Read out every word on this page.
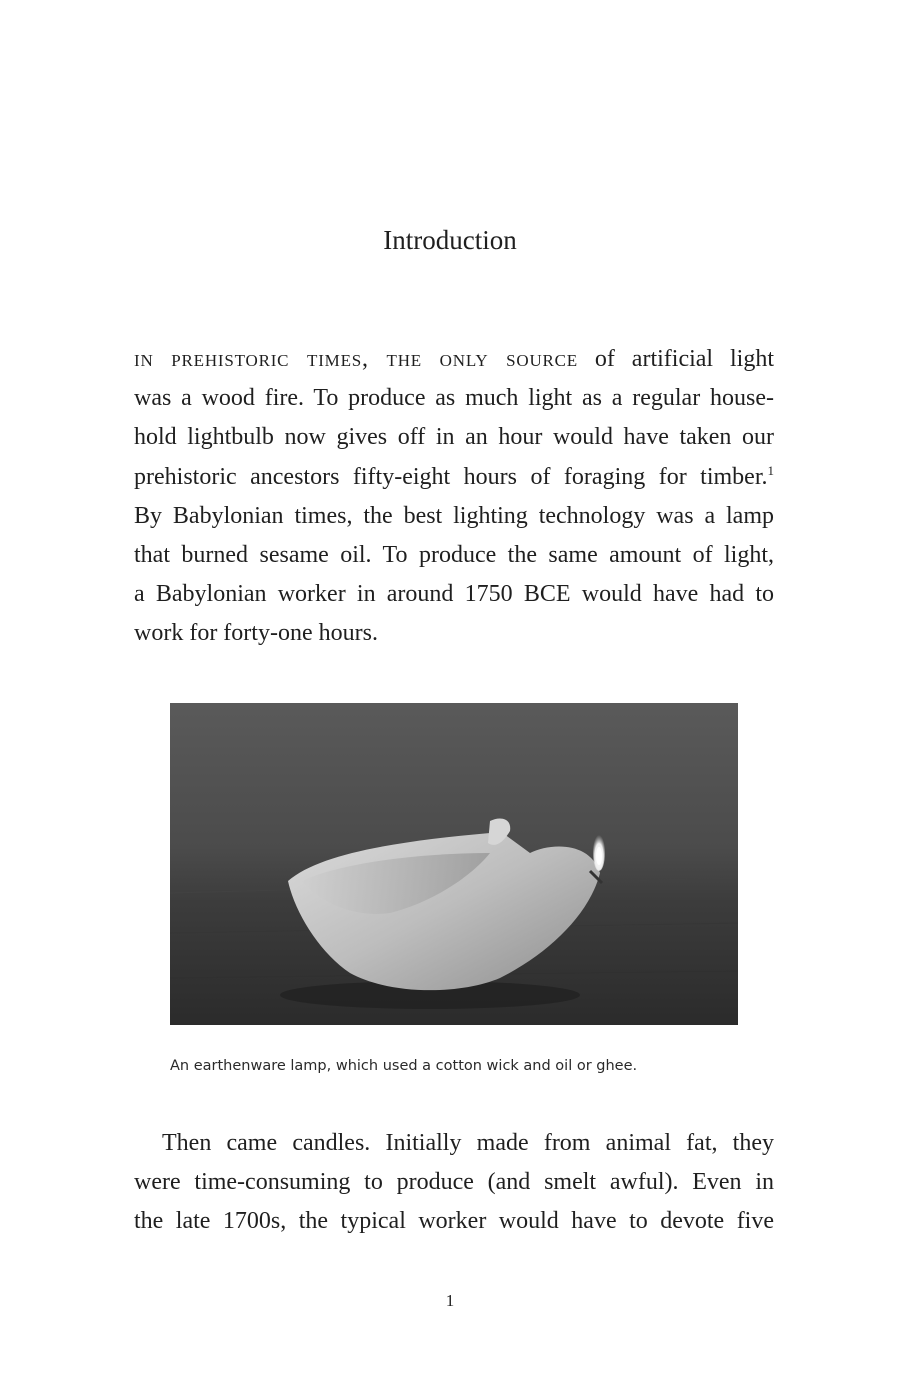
Introduction

in prehistoric times, the only source of artificial light
was a wood fire. To produce as much light as a regular house-
hold lightbulb now gives off in an hour would have taken our
prehistoric ancestors fifty-eight hours of foraging for timber.$^1$
By Babylonian times, the best lighting technology was a lamp
that burned sesame oil. To produce the same amount of light,
a Babylonian worker in around 1750 BCE would have had to
work for forty-one hours.

An earthenware lamp, which used a cotton wick and oil or ghee.

Then came candles. Initially made from animal fat, they
were time-consuming to produce (and smelt awful). Even in
the late 1700s, the typical worker would have to devote five

1
